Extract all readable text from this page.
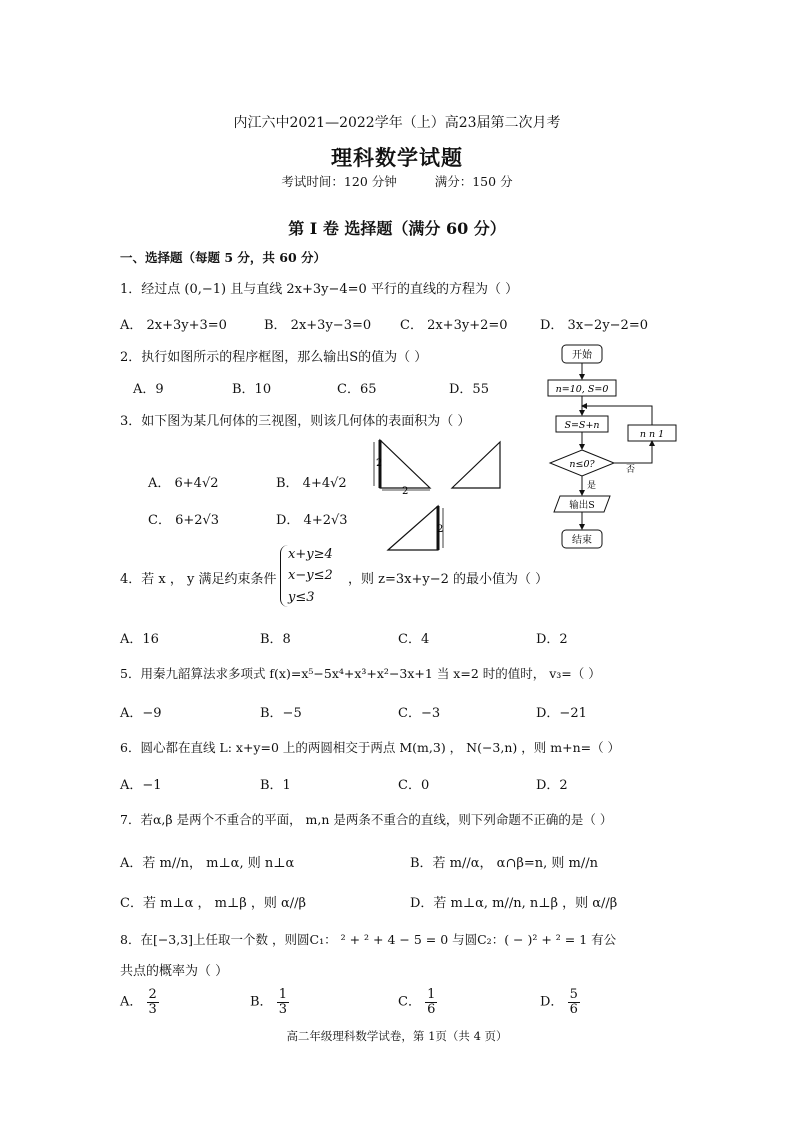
内江六中2021—2022学年（上）高23届第二次月考
理科数学试题
考试时间：120 分钟	满分：150 分
第 I 卷 选择题（满分 60 分）
一、选择题（每题 5 分，共 60 分）
1．经过点 (0,−1) 且与直线 2x+3y−4=0 平行的直线的方程为（ ）
A． 2x+3y+3=0	B． 2x+3y−3=0 C． 2x+3y+2=0 D． 3x−2y−2=0
2．执行如图所示的程序框图，那么输出S的值为（ ）
A．9	B．10	C．65	D．55
3．如下图为某几何体的三视图，则该几何体的表面积为（ ）
A． 6+4√2	B． 4+4√2
C． 6+2√3	D． 4+2√3
2
2
2
开始
n=10, S=0
S=S+n
n≤0?	否
n n 1
是
输出S
结束
4．若 x ， y 满足约束条件
x+y≥4
x−y≤2
y≤3
，则 z=3x+y−2 的最小值为（ ）
A．16	B．8	C．4	D．2
5．用秦九韶算法求多项式 f(x)=x⁵−5x⁴+x³+x²−3x+1 当 x=2 时的值时， v₃=（ ）
A．−9	B．−5	C．−3	D．−21
6．圆心都在直线 L: x+y=0 上的两圆相交于两点 M(m,3) ， N(−3,n) ，则 m+n=（ ）
A．−1	B．1	C．0	D．2
7．若α,β 是两个不重合的平面， m,n 是两条不重合的直线，则下列命题不正确的是（ ）
A．若 m//n， m⊥α, 则 n⊥α	B．若 m//α， α∩β=n, 则 m//n
C．若 m⊥α ， m⊥β ，则 α//β	D．若 m⊥α, m//n, n⊥β ，则 α//β
8．在[−3,3]上任取一个数 ，则圆C₁： ² + ² + 4 − 5 = 0 与圆C₂：( − )² + ² = 1 有公
共点的概率为（ ）
A． $\frac{2}{3}$	B． $\frac{1}{3}$	C． $\frac{1}{6}$	D． $\frac{5}{6}$
高二年级理科数学试卷，第 1页（共 4 页）
